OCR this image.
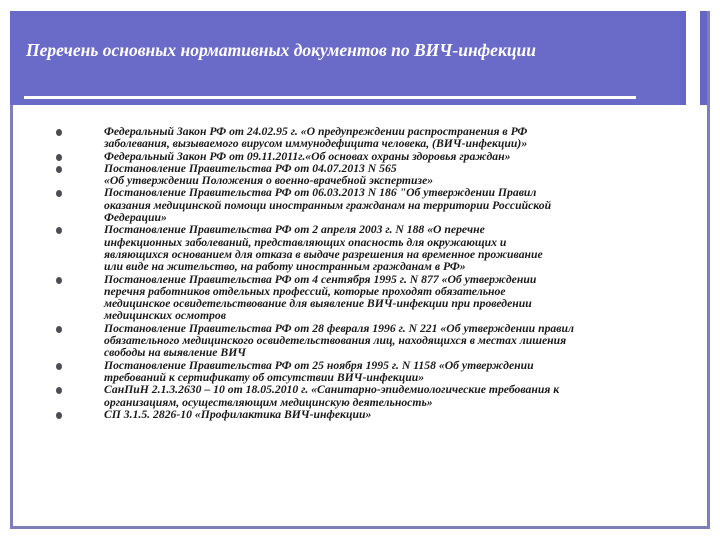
Перечень основных нормативных документов по ВИЧ-инфекции
Федеральный Закон РФ от 24.02.95 г. «О предупреждении распространения в РФ
заболевания, вызываемого вирусом иммунодефицита человека, (ВИЧ-инфекции)»
Федеральный Закон РФ от 09.11.2011г.«Об основах охраны здоровья граждан»
Постановление Правительства РФ от 04.07.2013 N 565
«Об утверждении Положения о военно-врачебной экспертизе»
Постановление Правительства РФ от 06.03.2013 N 186 "Об утверждении Правил
оказания медицинской помощи иностранным гражданам на территории Российской
Федерации»
Постановление Правительства РФ от 2 апреля 2003 г. N 188 «О перечне
инфекционных заболеваний, представляющих опасность для окружающих и
являющихся основанием для отказа в выдаче разрешения на временное проживание
или виде на жительство, на работу иностранным гражданам в РФ»
Постановление Правительства РФ от 4 сентября 1995 г. N 877 «Об утверждении
перечня работников отдельных профессий, которые проходят обязательное
медицинское освидетельствование для выявление ВИЧ-инфекции при проведении
медицинских осмотров
Постановление Правительства РФ от 28 февраля 1996 г. N 221 «Об утверждении правил
обязательного медицинского освидетельствования лиц, находящихся в местах лишения
свободы на выявление ВИЧ
Постановление Правительства РФ от 25 ноября 1995 г. N 1158 «Об утверждении
требований к сертификату об отсутствии ВИЧ-инфекции»
СанПиН 2.1.3.2630 – 10 от 18.05.2010 г. «Санитарно-эпидемиологические требования к
организациям, осуществляющим медицинскую деятельность»
СП 3.1.5. 2826-10 «Профилактика ВИЧ-инфекции»
